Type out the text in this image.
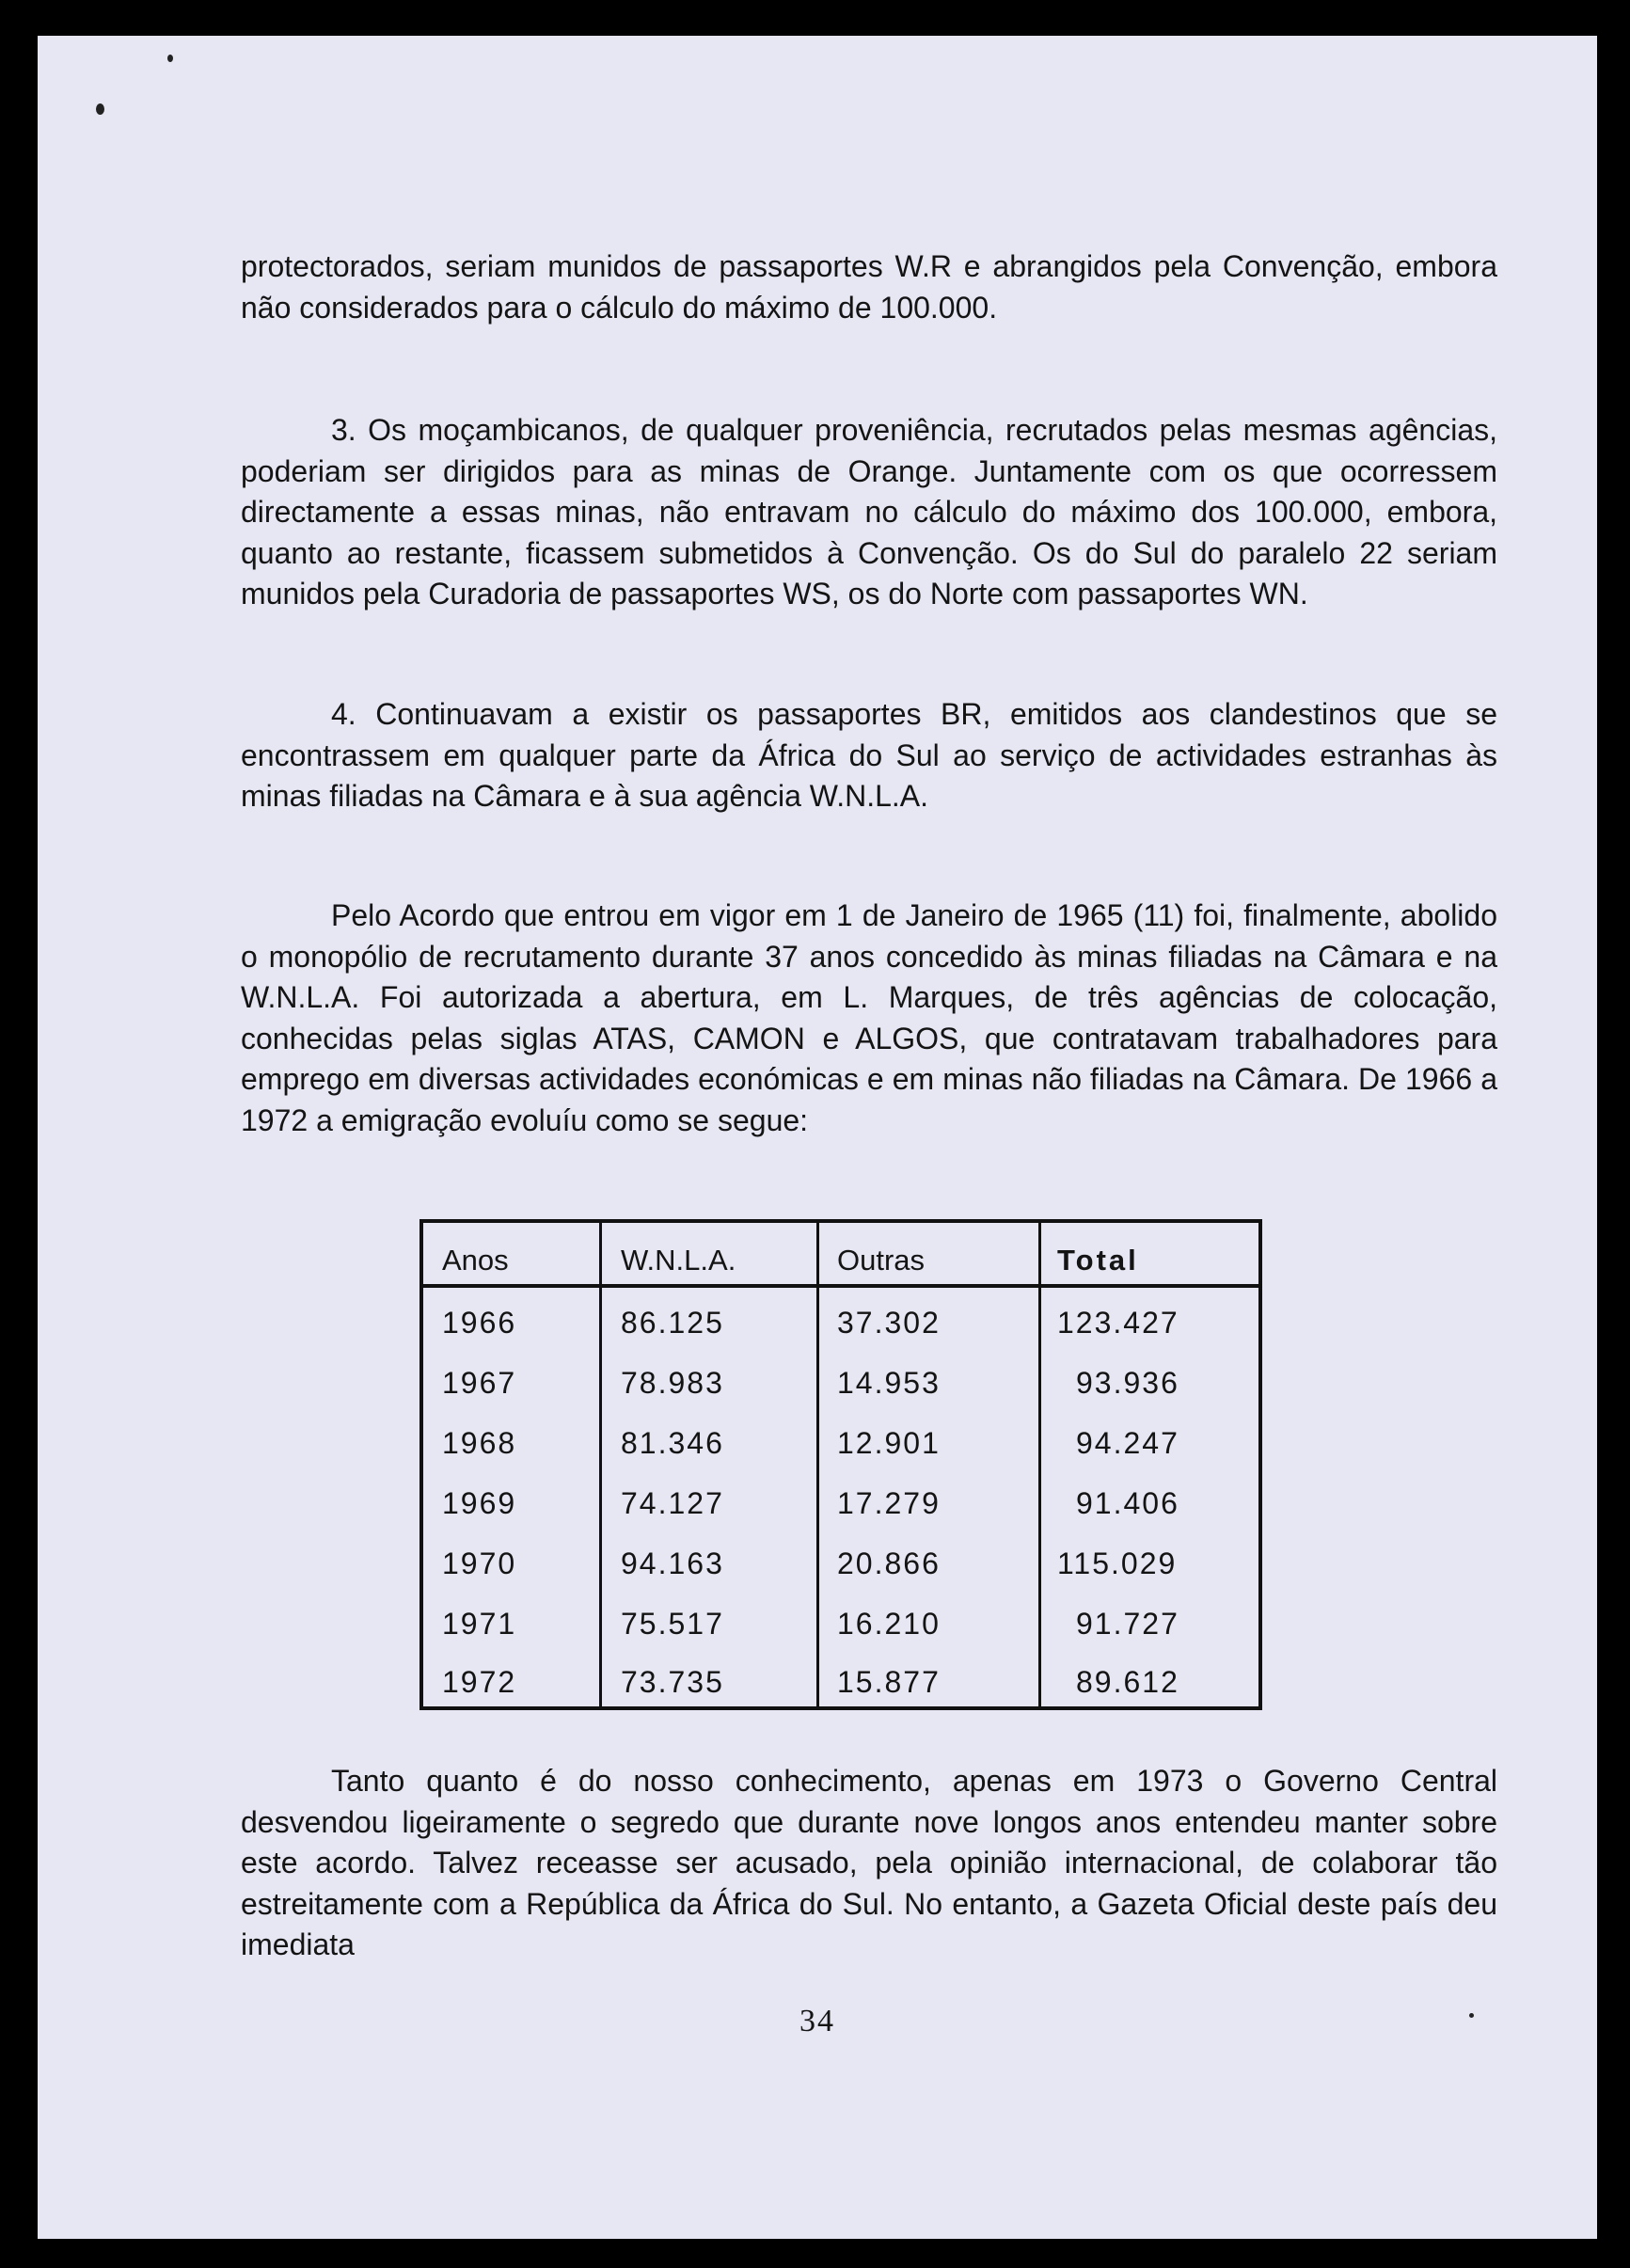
protectorados, seriam munidos de passaportes W.R e abrangidos pela Convenção, embora não considerados para o cálculo do máximo de 100.000.

3. Os moçambicanos, de qualquer proveniência, recrutados pelas mesmas agências, poderiam ser dirigidos para as minas de Orange. Juntamente com os que ocorressem directamente a essas minas, não entravam no cálculo do máximo dos 100.000, embora, quanto ao restante, ficassem submetidos à Convenção. Os do Sul do paralelo 22 seriam munidos pela Curadoria de passaportes WS, os do Norte com passaportes WN.

4. Continuavam a existir os passaportes BR, emitidos aos clandestinos que se encontrassem em qualquer parte da África do Sul ao serviço de actividades estranhas às minas filiadas na Câmara e à sua agência W.N.L.A.

Pelo Acordo que entrou em vigor em 1 de Janeiro de 1965 (11) foi, finalmente, abolido o monopólio de recrutamento durante 37 anos concedido às minas filiadas na Câmara e na W.N.L.A. Foi autorizada a abertura, em L. Marques, de três agências de colocação, conhecidas pelas siglas ATAS, CAMON e ALGOS, que contratavam trabalhadores para emprego em diversas actividades económicas e em minas não filiadas na Câmara. De 1966 a 1972 a emigração evoluíu como se segue:

Anos	W.N.L.A.	Outras	Total
1966	86.125	37.302	123.427
1967	78.983	14.953	93.936
1968	81.346	12.901	94.247
1969	74.127	17.279	91.406
1970	94.163	20.866	115.029
1971	75.517	16.210	91.727
1972	73.735	15.877	89.612

Tanto quanto é do nosso conhecimento, apenas em 1973 o Governo Central desvendou ligeiramente o segredo que durante nove longos anos entendeu manter sobre este acordo. Talvez receasse ser acusado, pela opinião internacional, de colaborar tão estreitamente com a República da África do Sul. No entanto, a Gazeta Oficial deste país deu imediata

34
